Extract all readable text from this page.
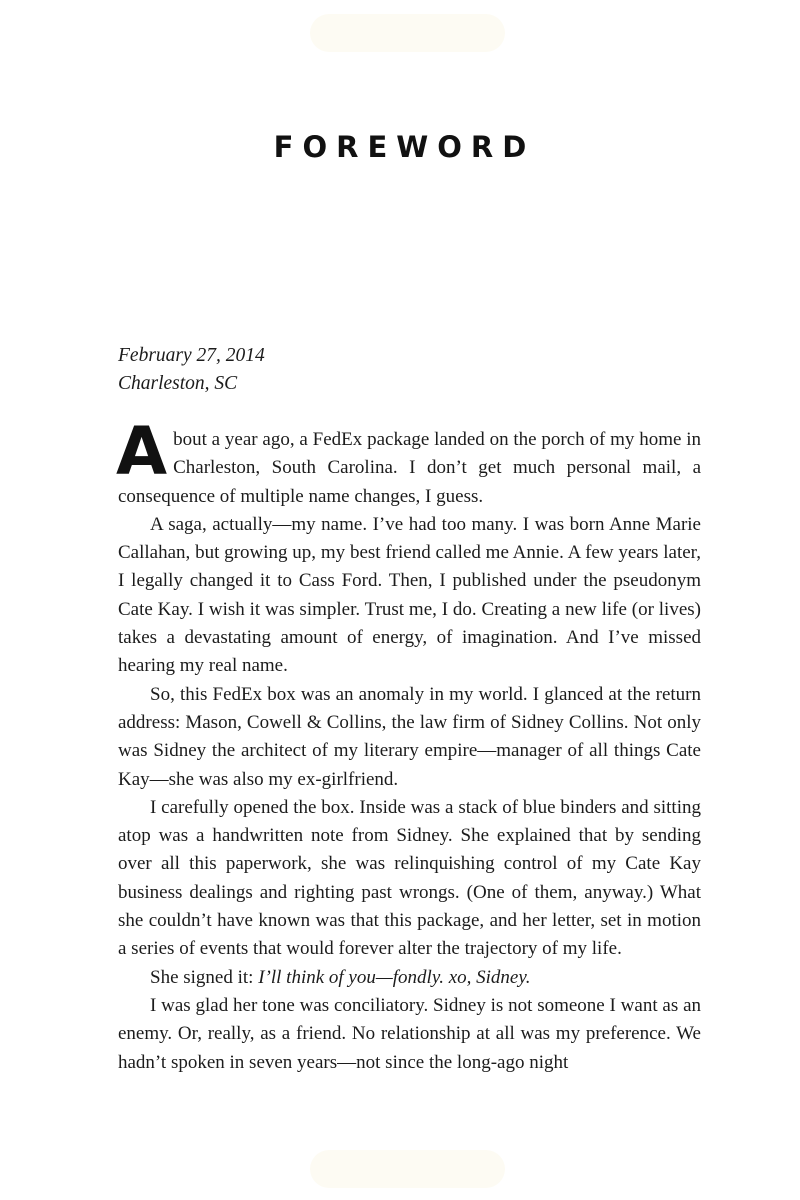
FOREWORD
February 27, 2014
Charleston, SC

About a year ago, a FedEx package landed on the porch of my home in Charleston, South Carolina. I don’t get much personal mail, a consequence of multiple name changes, I guess.

A saga, actually—my name. I’ve had too many. I was born Anne Marie Callahan, but growing up, my best friend called me Annie. A few years later, I legally changed it to Cass Ford. Then, I published under the pseudonym Cate Kay. I wish it was simpler. Trust me, I do. Creating a new life (or lives) takes a devastating amount of energy, of imagination. And I’ve missed hearing my real name.

So, this FedEx box was an anomaly in my world. I glanced at the return address: Mason, Cowell & Collins, the law firm of Sidney Collins. Not only was Sidney the architect of my literary empire—manager of all things Cate Kay—she was also my ex-girlfriend.

I carefully opened the box. Inside was a stack of blue binders and sitting atop was a handwritten note from Sidney. She explained that by sending over all this paperwork, she was relinquishing control of my Cate Kay business dealings and righting past wrongs. (One of them, anyway.) What she couldn’t have known was that this package, and her letter, set in motion a series of events that would forever alter the trajectory of my life.

She signed it: I’ll think of you—fondly. xo, Sidney.

I was glad her tone was conciliatory. Sidney is not someone I want as an enemy. Or, really, as a friend. No relationship at all was my preference. We hadn’t spoken in seven years—not since the long-ago night
